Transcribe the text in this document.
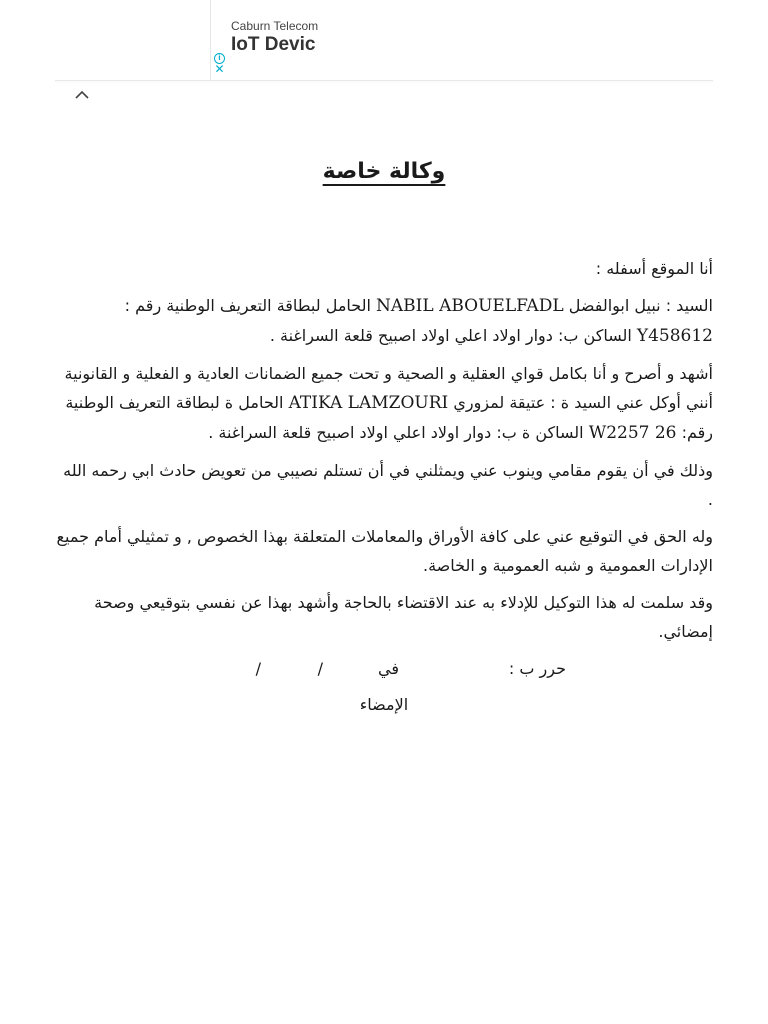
Caburn Telecom
IoT Devic
i
✕
وكالة خاصة

أنا الموقع أسفله :

السيد : نبيل ابوالفضل NABIL ABOUELFADL الحامل لبطاقة التعريف الوطنية رقم : Y458612 الساكن ب: دوار اولاد اعلي اولاد اصبيح قلعة السراغنة .

أشهد و أصرح و أنا بكامل قواي العقلية و الصحية و تحت جميع الضمانات العادية و الفعلية و القانونية أنني أوكل عني السيد ة : عتيقة لمزوري ATIKA LAMZOURI الحامل ة لبطاقة التعريف الوطنية رقم: W2257 26 الساكن ة ب: دوار اولاد اعلي اولاد اصبيح قلعة السراغنة .

وذلك في أن يقوم مقامي وينوب عني ويمثلني في أن تستلم نصيبي من تعويض حادث ابي رحمه الله .

وله الحق في التوقيع عني على كافة الأوراق والمعاملات المتعلقة بهذا الخصوص , و تمثيلي أمام جميع الإدارات العمومية و شبه العمومية و الخاصة.

وقد سلمت له هذا التوكيل للإدلاء به عند الاقتضاء بالحاجة وأشهد بهذا عن نفسي بتوقيعي وصحة إمضائي.

حرر ب :
في
/
/
الإمضاء
